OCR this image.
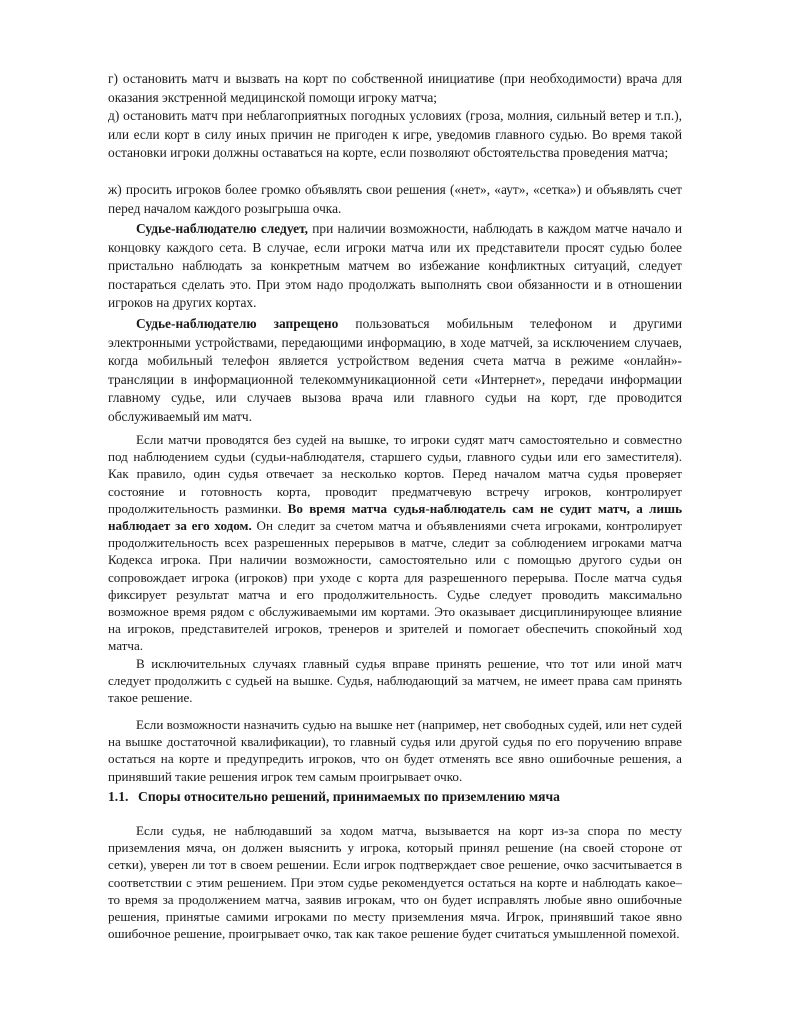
г) остановить матч и вызвать на корт по собственной инициативе (при необходимости) врача для оказания экстренной медицинской помощи игроку матча;

д) остановить матч при неблагоприятных погодных условиях (гроза, молния, сильный ветер и т.п.), или если корт в силу иных причин не пригоден к игре, уведомив главного судью. Во время такой остановки игроки должны оставаться на корте, если позволяют обстоятельства проведения матча;

ж) просить игроков более громко объявлять свои решения («нет», «аут», «сетка») и объявлять счет перед началом каждого розыгрыша очка.

Судье-наблюдателю следует, при наличии возможности, наблюдать в каждом матче начало и концовку каждого сета. В случае, если игроки матча или их представители просят судью более пристально наблюдать за конкретным матчем во избежание конфликтных ситуаций, следует постараться сделать это. При этом надо продолжать выполнять свои обязанности и в отношении игроков на других кортах.

Судье-наблюдателю запрещено пользоваться мобильным телефоном и другими электронными устройствами, передающими информацию, в ходе матчей, за исключением случаев, когда мобильный телефон является устройством ведения счета матча в режиме «онлайн»-трансляции в информационной телекоммуникационной сети «Интернет», передачи информации главному судье, или случаев вызова врача или главного судьи на корт, где проводится обслуживаемый им матч.

Если матчи проводятся без судей на вышке, то игроки судят матч самостоятельно и совместно под наблюдением судьи (судьи-наблюдателя, старшего судьи, главного судьи или его заместителя). Как правило, один судья отвечает за несколько кортов. Перед началом матча судья проверяет состояние и готовность корта, проводит предматчевую встречу игроков, контролирует продолжительность разминки. Во время матча судья-наблюдатель сам не судит матч, а лишь наблюдает за его ходом. Он следит за счетом матча и объявлениями счета игроками, контролирует продолжительность всех разрешенных перерывов в матче, следит за соблюдением игроками матча Кодекса игрока. При наличии возможности, самостоятельно или с помощью другого судьи он сопровождает игрока (игроков) при уходе с корта для разрешенного перерыва. После матча судья фиксирует результат матча и его продолжительность. Судье следует проводить максимально возможное время рядом с обслуживаемыми им кортами. Это оказывает дисциплинирующее влияние на игроков, представителей игроков, тренеров и зрителей и помогает обеспечить спокойный ход матча.

В исключительных случаях главный судья вправе принять решение, что тот или иной матч следует продолжить с судьей на вышке. Судья, наблюдающий за матчем, не имеет права сам принять такое решение.

Если возможности назначить судью на вышке нет (например, нет свободных судей, или нет судей на вышке достаточной квалификации), то главный судья или другой судья по его поручению вправе остаться на корте и предупредить игроков, что он будет отменять все явно ошибочные решения, а принявший такие решения игрок тем самым проигрывает очко.

1.1. Споры относительно решений, принимаемых по приземлению мяча

Если судья, не наблюдавший за ходом матча, вызывается на корт из-за спора по месту приземления мяча, он должен выяснить у игрока, который принял решение (на своей стороне от сетки), уверен ли тот в своем решении. Если игрок подтверждает свое решение, очко засчитывается в соответствии с этим решением. При этом судье рекомендуется остаться на корте и наблюдать какое–то время за продолжением матча, заявив игрокам, что он будет исправлять любые явно ошибочные решения, принятые самими игроками по месту приземления мяча. Игрок, принявший такое явно ошибочное решение, проигрывает очко, так как такое решение будет считаться умышленной помехой.
